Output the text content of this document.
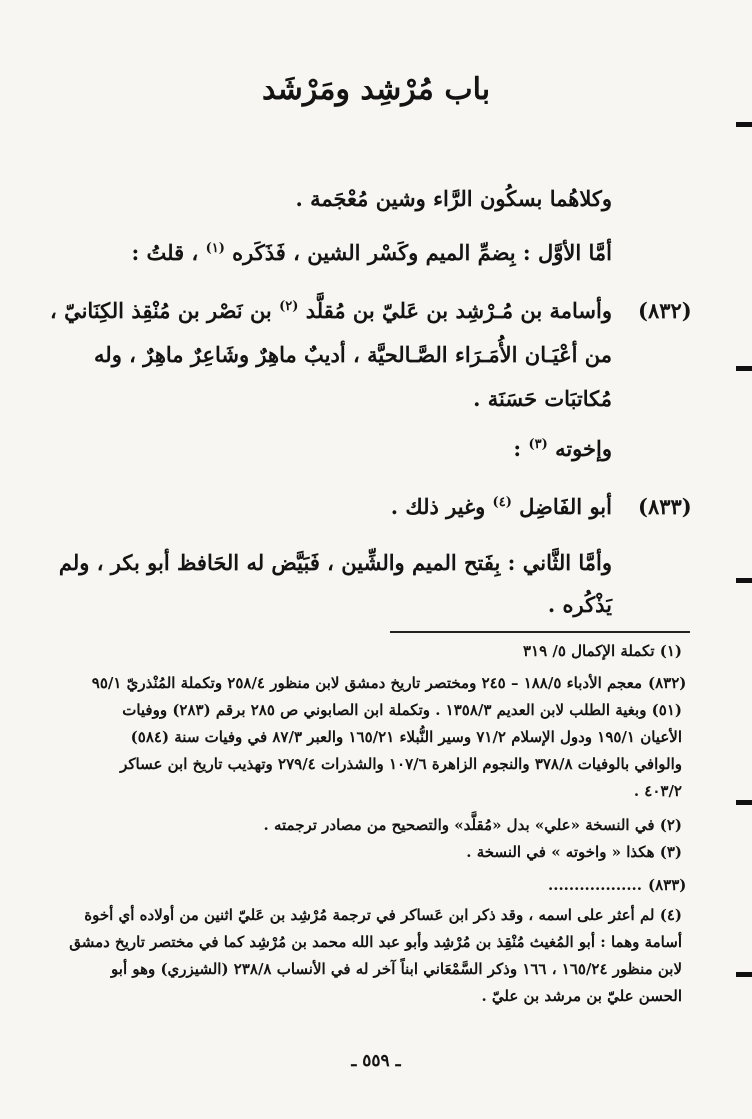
باب مُرْشِد ومَرْشَد
وكلاهُما بسكُون الرَّاء وشين مُعْجَمة .
أمَّا الأوَّل : بِضمِّ الميم وكَسْر الشين ، فَذَكَره $^{(١)}$ ، قلتُ :
(٨٣٢)
وأسامة بن مُـرْشِد بن عَليّ بن مُقلَّد $^{(٢)}$ بن نَصْر بن مُنْقِذ الكِنَانيّ ،
من أعْيَـان الأُمَـرَاء الصَّـالحيَّة ، أديبٌ ماهِرٌ وشَاعِرٌ ماهِرٌ ، وله
مُكاتبَات حَسَنَة .
وإخوته $^{(٣)}$ :
(٨٣٣)
أبو الفَاضِل $^{(٤)}$ وغير ذلك .
وأمَّا الثَّاني : بِفَتح الميم والشِّين ، فَبَيَّض له الحَافظ أبو بكر ، ولم
يَذْكُره .
(١) تكملة الإكمال ٥/ ٣١٩
(٨٣٢)
معجم الأدباء ١٨٨/٥ – ٢٤٥ ومختصر تاريخ دمشق لابن منظور ٢٥٨/٤ وتكملة المُنْذريّ ٩٥/١
(٥١) وبغية الطلب لابن العديم ١٣٥٨/٣ . وتكملة ابن الصابوني ص ٢٨٥ برقم (٢٨٣) ووفيات
الأعيان ١٩٥/١ ودول الإسلام ٧١/٢ وسير النُّبلاء ١٦٥/٢١ والعبر ٨٧/٣ في وفيات سنة (٥٨٤)
والوافي بالوفيات ٣٧٨/٨ والنجوم الزاهرة ١٠٧/٦ والشذرات ٢٧٩/٤ وتهذيب تاريخ ابن عساكر
٤٠٣/٢ .
(٢) في النسخة «علي» بدل «مُقلَّد» والتصحيح من مصادر ترجمته .
(٣) هكذا « واخوته » في النسخة .
(٨٣٣)
..................
(٤) لم أعثر على اسمه ، وقد ذكر ابن عَساكر في ترجمة مُرْشِد بن عَليّ اثنين من أولاده أي أخوة
أسامة وهما : أبو المُغيث مُنْقِذ بن مُرْشِد وأبو عبد الله محمد بن مُرْشِد كما في مختصر تاريخ دمشق
لابن منظور ١٦٥/٢٤ ، ١٦٦ وذكر السَّمْعَاني ابناً آخر له في الأنساب ٢٣٨/٨ (الشيزري) وهو أبو
الحسن عليّ بن مرشد بن عليّ .
ـ ٥٥٩ ـ
